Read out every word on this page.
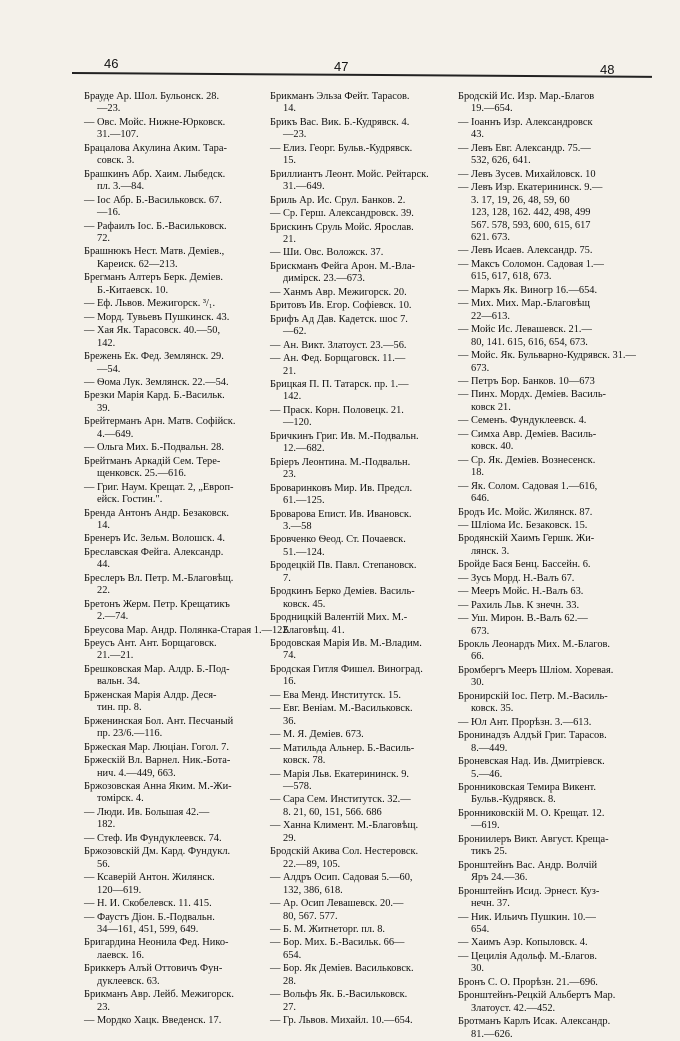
46	47	48
Брауде Ар. Шол. Бульонск. 28.
—23.
— Овс. Мойс. Нижне-Юрковск.
31.—107.
Брацалова Акулина Аким. Тара-
совск. 3.
Брашкинъ Абр. Хаим. Лыбедск.
пл. 3.—84.
— Іос Абр. Б.-Васильковск. 67.
—16.
— Рафаилъ Іос. Б.-Васильковск.
72.
Брашнюкъ Нест. Матв. Деміев.,
Кареиск. 62—213.
Брегманъ Алтеръ Берк. Деміев.
Б.-Китаевск. 10.
— Еф. Львов. Межигорск. ³/₁.
— Морд. Тувьевъ Пушкинск. 43.
— Хая Як. Тарасовск. 40.—50,
142.
Брежень Ек. Фед. Землянск. 29.
—54.
— Ѳома Лук. Землянск. 22.—54.
Брезки Марія Кард. Б.-Васильк.
39.
Брейтерманъ Арн. Матв. Софійск.
4.—649.
— Ольга Мих. Б.-Подвальн. 28.
Брейтманъ Аркадій Сем. Тере-
щенковск. 25.—616.
— Григ. Наум. Крещат. 2, „Европ-
ейск. Гостин.".
Бренда Антонъ Андр. Безаковск.
14.
Бренеръ Ис. Зельм. Волошск. 4.
Бреславская Фейга. Александр.
44.
Бреслеръ Вл. Петр. М.-Благовѣщ.
22.
Бретонъ Жерм. Петр. Крещатикъ
2.—74.
Бреусова Мар. Андр. Полянка-Старая 1.—122.
Бреусъ Ант. Ант. Борщаговск.
21.—21.
Брешковская Мар. Алдр. Б.-Под-
вальн. 34.
Брженская Марія Алдр. Деся-
тин. пр. 8.
Брженинская Бол. Ант. Песчаный
пр. 23/6.—116.
Бржеская Мар. Люціан. Гогол. 7.
Бржескій Вл. Варнел. Ник.-Бота-
нич. 4.—449, 663.
Бржозовская Анна Яким. М.-Жи-
томірск. 4.
— Люди. Ив. Большая 42.—
182.
— Стеф. Ив Фундуклеевск. 74.
Бржозовскій Дм. Кард. Фундукл.
56.
— Ксаверій Антон. Жилянск.
120—619.
— Н. И. Скобелевск. 11. 415.
— Фаустъ Діон. Б.-Подвальн.
34—161, 451, 599, 649.
Бригардина Неонила Фед. Нико-
лаевск. 16.
Бриккеръ Алъй Оттовичъ Фун-
дуклеевск. 63.
Брикманъ Авр. Лейб. Межигорск.
23.
— Мордко Хацк. Введенск. 17.
Брикманъ Эльза Фейт. Тарасов.
14.
Брикъ Вас. Вик. Б.-Кудрявск. 4.
—23.
— Елиз. Георг. Бульв.-Кудрявск.
15.
Бриллиантъ Леонт. Мойс. Рейтарск.
31.—649.
Бриль Ар. Ис. Срул. Банков. 2.
— Ср. Герш. Александровск. 39.
Брискинъ Сруль Мойс. Ярослав.
21.
— Ши. Овс. Воложск. 37.
Брискманъ Фейга Арон. М.-Вла-
димірск. 23.—673.
— Ханмъ Авр. Межигорск. 20.
Бритовъ Ив. Егор. Софіевск. 10.
Брифъ Ад Дав. Кадетск. шос 7.
—62.
— Ан. Викт. Златоуст. 23.—56.
— Ан. Фед. Борщаговск. 11.—
21.
Брицкая П. П. Татарск. пр. 1.—
142.
— Праск. Корн. Половецк. 21.
—120.
Бричкинъ Григ. Ив. М.-Подвальн.
12.—682.
Бріеръ Леонтина. М.-Подвальн.
23.
Броваринковъ Мир. Ив. Предсл.
61.—125.
Броварова Епист. Ив. Ивановск.
3.—58
Бровченко Ѳеод. Ст. Почаевск.
51.—124.
Бродецкій Пв. Павл. Степановск.
7.
Бродкинъ Берко Деміев. Василь-
ковск. 45.
Бродницкій Валентій Мих. М.-
Благовѣщ. 41.
Бродовская Марія Ив. М.-Владим.
74.
Бродская Гитля Фишел. Виноград.
16.
— Ева Менд. Институтск. 15.
— Евг. Веніам. М.-Васильковск.
36.
— М. Я. Деміев. 673.
— Матильда Альнер. Б.-Василь-
ковск. 78.
— Марія Льв. Екатерининск. 9.
—578.
— Сара Сем. Институтск. 32.—
8. 21, 60, 151, 566. 686
— Ханна Климент. М.-Благовѣщ.
29.
Бродскій Акива Сол. Нестеровск.
22.—89, 105.
— Алдръ Осип. Садовая 5.—60,
132, 386, 618.
— Ар. Осип Левашевск. 20.—
80, 567. 577.
— Б. М. Житнеторг. пл. 8.
— Бор. Мих. Б.-Васильк. 66—
654.
— Бор. Як Деміев. Васильковск.
28.
— Вольфъ Як. Б.-Васильковск.
27.
— Гр. Львов. Михайл. 10.—654.
Бродскій Ис. Изр. Мар.-Благов
19.—654.
— Іоаннъ Изр. Александровск
43.
— Левъ Евг. Александр. 75.—
532, 626, 641.
— Левъ Зусев. Михайловск. 10
— Левъ Изр. Екатерининск. 9.—
3. 17, 19, 26, 48, 59, 60
123, 128, 162. 442, 498, 499
567. 578, 593, 600, 615, 617
621. 673.
— Левъ Исаев. Александр. 75.
— Максъ Соломон. Садовая 1.—
615, 617, 618, 673.
— Маркъ Як. Виногр 16.—654.
— Мих. Мих. Мар.-Благовѣщ
22—613.
— Мойс Ис. Левашевск. 21.—
80, 141. 615, 616, 654, 673.
— Мойс. Як. Бульварно-Кудрявск. 31.—
673.
— Петръ Бор. Банков. 10—673
— Пинх. Мордх. Деміев. Василь-
ковск 21.
— Семенъ. Фундуклеевск. 4.
— Симха Авр. Деміев. Василь-
ковск. 40.
— Ср. Як. Деміев. Вознесенск.
18.
— Як. Солом. Садовая 1.—616,
646.
Бродъ Ис. Мойс. Жилянск. 87.
— Шлiома Ис. Безаковск. 15.
Бродянскій Хаимъ Гершк. Жи-
лянск. 3.
Бройде Бася Бенц. Бассейн. 6.
— Зусь Морд. Н.-Валъ 67.
— Мееръ Мойс. Н.-Валъ 63.
— Рахиль Льв. К знечн. 33.
— Уш. Мирон. В.-Валъ 62.—
673.
Брокль Леонардъ Мих. М.-Благов.
66.
Бромбергъ Мееръ Шліом. Хоревая.
30.
Бронирскій Іос. Петр. М.-Василь-
ковск. 35.
— Юл Ант. Прорѣзн. 3.—613.
Бронинадзъ Алдъй Григ. Тарасов.
8.—449.
Броневская Над. Ив. Дмитріевск.
5.—46.
Бронниковская Темира Викент.
Бульв.-Кудрявск. 8.
Бронниковскій М. О. Крещат. 12.
—619.
Брониилеръ Викт. Август. Креща-
тикъ 25.
Бронштейнъ Вас. Андр. Волчій
Яръ 24.—36.
Бронштейнъ Исид. Эрнест. Куз-
нечн. 37.
— Ник. Ильичъ Пушкин. 10.—
654.
— Хаимъ Аэр. Копыловск. 4.
— Цецилія Адольф. М.-Благов.
30.
Бронъ С. О. Прорѣзн. 21.—696.
Бронштейнъ-Рецкій Альбертъ Мар.
Златоуст. 42.—452.
Бротманъ Карлъ Исак. Александр.
81.—626.
